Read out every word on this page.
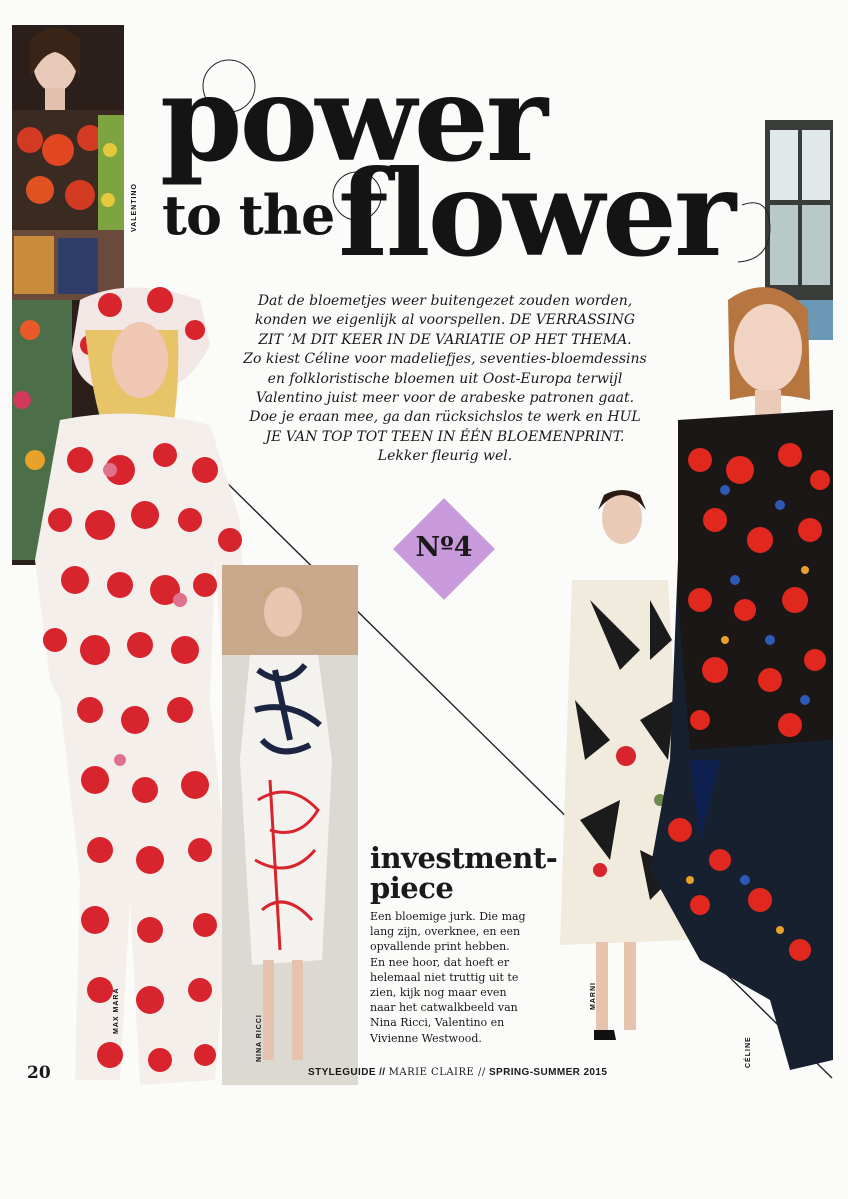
power
to the flower

Dat de bloemetjes weer buitengezet zouden worden,

konden we eigenlijk al voorspellen. DE VERRASSING

ZIT ’M DIT KEER IN DE VARIATIE OP HET THEMA.

Zo kiest Céline voor madeliefjes, seventies-bloemdessins

en folkloristische bloemen uit Oost-Europa terwijl

Valentino juist meer voor de arabeske patronen gaat.

Doe je eraan mee, ga dan rücksichslos te werk en HUL

JE VAN TOP TOT TEEN IN ÉÉN BLOEMENPRINT.

Lekker fleurig wel.

Nº4
investment-
piece
Een bloemige jurk. Die mag
lang zijn, overknee, en een
opvallende print hebben.
En nee hoor, dat hoeft er
helemaal niet truttig uit te
zien, kijk nog maar even
naar het catwalkbeeld van
Nina Ricci, Valentino en
Vivienne Westwood.
VALENTINO
MAX MARA
NINA RICCI
MARNI
CÉLINE
20	STYLEGUIDE // MARIE CLAIRE // SPRING-SUMMER 2015
